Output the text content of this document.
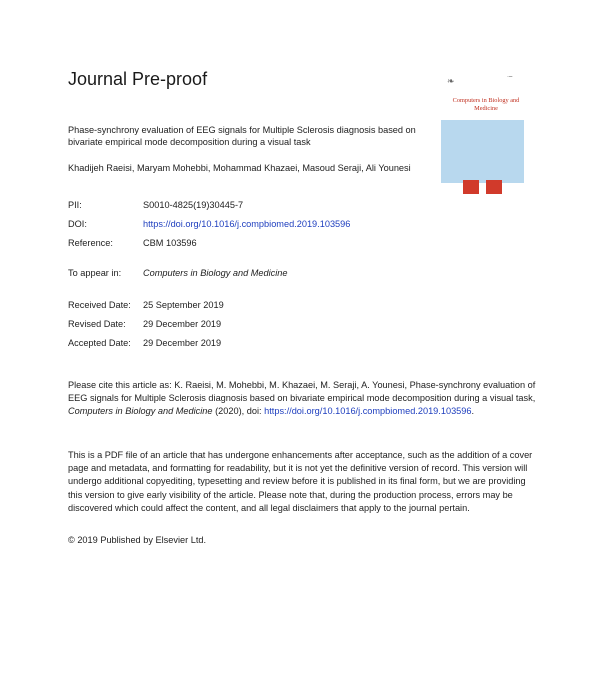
Journal Pre-proof	❧	·‒
Computers in Biology and Medicine
Phase-synchrony evaluation of EEG signals for Multiple Sclerosis diagnosis based on bivariate empirical mode decomposition during a visual task
Khadijeh Raeisi, Maryam Mohebbi, Mohammad Khazaei, Masoud Seraji, Ali Younesi
PII:	S0010-4825(19)30445-7
DOI:	https://doi.org/10.1016/j.compbiomed.2019.103596
Reference:	CBM 103596
To appear in: Computers in Biology and Medicine
Received Date: 25 September 2019
Revised Date: 29 December 2019
Accepted Date: 29 December 2019
Please cite this article as: K. Raeisi, M. Mohebbi, M. Khazaei, M. Seraji, A. Younesi, Phase-synchrony evaluation of EEG signals for Multiple Sclerosis diagnosis based on bivariate empirical mode decomposition during a visual task, Computers in Biology and Medicine (2020), doi: https://doi.org/10.1016/j.compbiomed.2019.103596.
This is a PDF file of an article that has undergone enhancements after acceptance, such as the addition of a cover page and metadata, and formatting for readability, but it is not yet the definitive version of record. This version will undergo additional copyediting, typesetting and review before it is published in its final form, but we are providing this version to give early visibility of the article. Please note that, during the production process, errors may be discovered which could affect the content, and all legal disclaimers that apply to the journal pertain.
© 2019 Published by Elsevier Ltd.
